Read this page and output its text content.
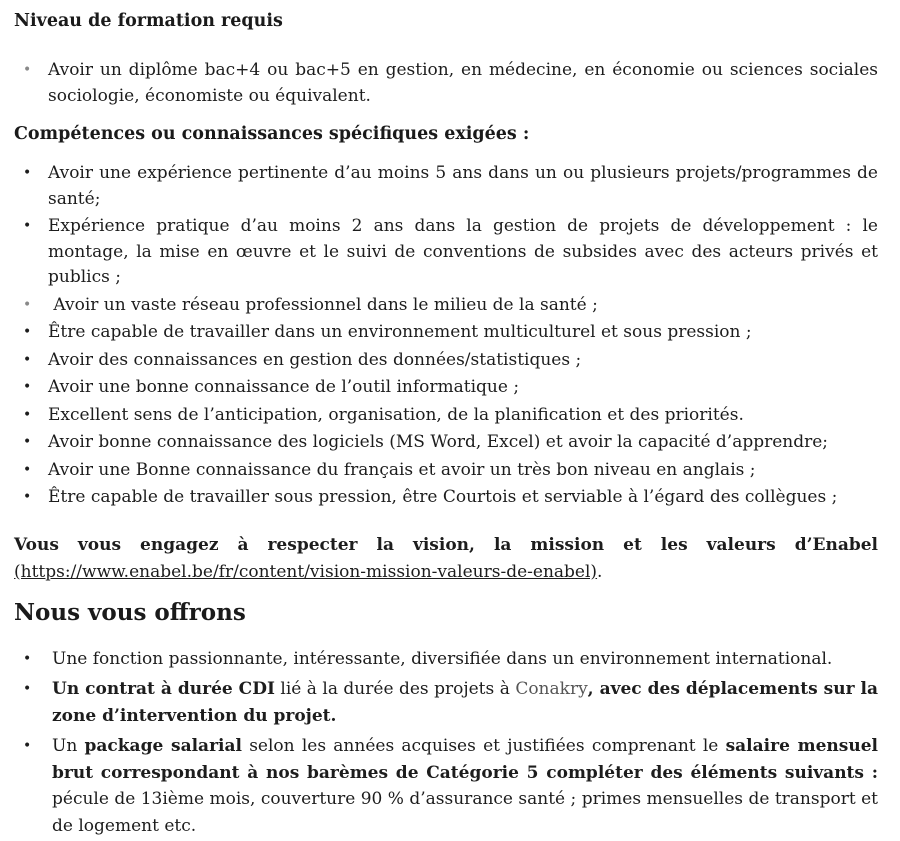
Niveau de formation requis
• Avoir un diplôme bac+4 ou bac+5 en gestion, en médecine, en économie ou sciences sociales sociologie, économiste ou équivalent.
Compétences ou connaissances spécifiques exigées :
• Avoir une expérience pertinente d’au moins 5 ans dans un ou plusieurs projets/programmes de santé;
• Expérience pratique d’au moins 2 ans dans la gestion de projets de développement : le montage, la mise en œuvre et le suivi de conventions de subsides avec des acteurs privés et publics ;
• Avoir un vaste réseau professionnel dans le milieu de la santé ;
• Être capable de travailler dans un environnement multiculturel et sous pression ;
• Avoir des connaissances en gestion des données/statistiques ;
• Avoir une bonne connaissance de l’outil informatique ;
• Excellent sens de l’anticipation, organisation, de la planification et des priorités.
• Avoir bonne connaissance des logiciels (MS Word, Excel) et avoir la capacité d’apprendre;
• Avoir une Bonne connaissance du français et avoir un très bon niveau en anglais ;
• Être capable de travailler sous pression, être Courtois et serviable à l’égard des collègues ;

Vous vous engagez à respecter la vision, la mission et les valeurs d’Enabel (https://www.enabel.be/fr/content/vision-mission-valeurs-de-enabel).

Nous vous offrons
•	Une fonction passionnante, intéressante, diversifiée dans un environnement international.
•	Un contrat à durée CDI lié à la durée des projets à Conakry, avec des déplacements sur la zone d’intervention du projet.
•	Un package salarial selon les années acquises et justifiées comprenant le salaire mensuel brut correspondant à nos barèmes de Catégorie 5 compléter des éléments suivants : pécule de 13ième mois, couverture 90 % d’assurance santé ; primes mensuelles de transport et de logement etc.
